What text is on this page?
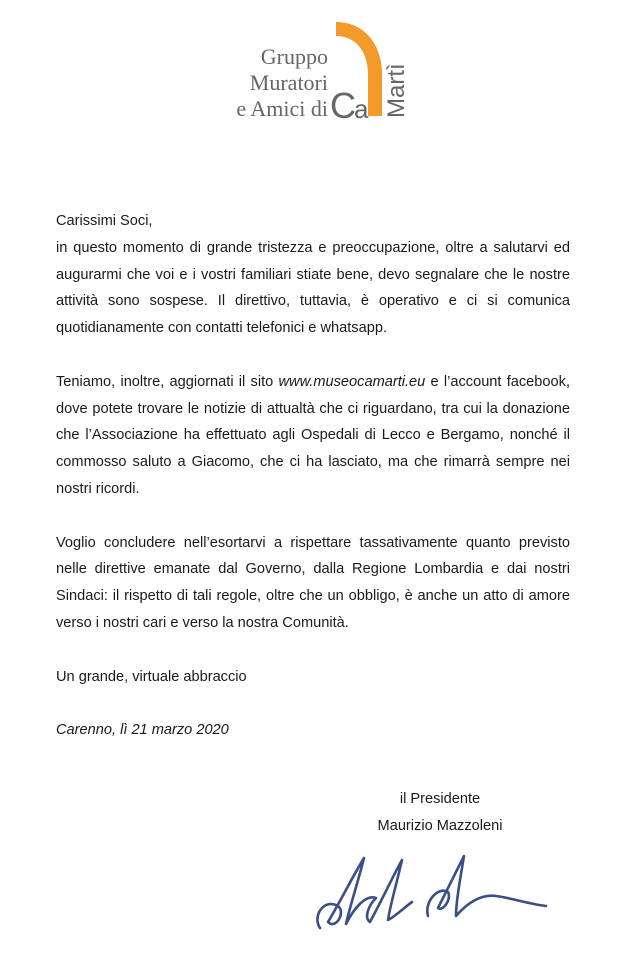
Gruppo
Muratori
e Amici di C
a Martì

Carissimi Soci,

in questo momento di grande tristezza e preoccupazione, oltre a salutarvi ed augurarmi che voi e i vostri familiari stiate bene, devo segnalare che le nostre attività sono sospese. Il direttivo, tuttavia, è operativo e ci si comunica quotidianamente con contatti telefonici e whatsapp.

Teniamo, inoltre, aggiornati il sito www.museocamarti.eu e l’account facebook, dove potete trovare le notizie di attualtà che ci riguardano, tra cui la donazione che l’Associazione ha effettuato agli Ospedali di Lecco e Bergamo, nonché il commosso saluto a Giacomo, che ci ha lasciato, ma che rimarrà sempre nei nostri ricordi.

Voglio concludere nell’esortarvi a rispettare tassativamente quanto previsto nelle direttive emanate dal Governo, dalla Regione Lombardia e dai nostri Sindaci: il rispetto di tali regole, oltre che un obbligo, è anche un atto di amore verso i nostri cari e verso la nostra Comunità.

Un grande, virtuale abbraccio

Carenno, lì 21 marzo 2020

il Presidente
Maurizio Mazzoleni
